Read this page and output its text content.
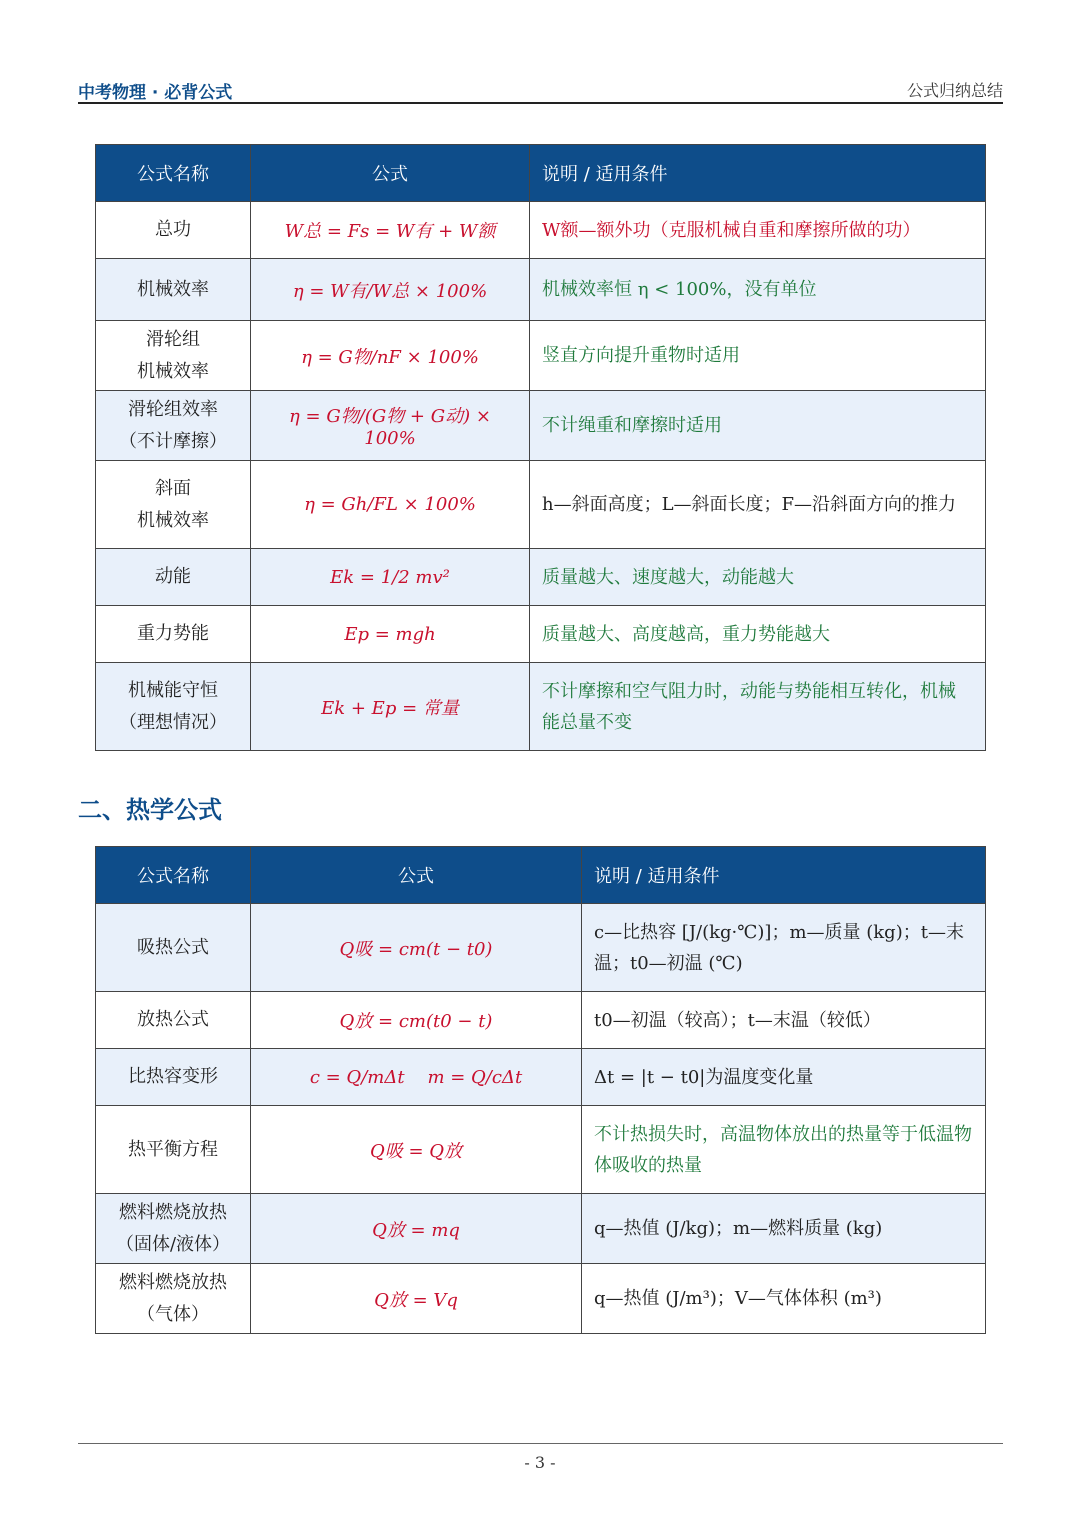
中考物理 · 必背公式	公式归纳总结
公式名称	公式	说明 / 适用条件
总功	W总 = Fs = W有 + W额	W额—额外功（克服机械自重和摩擦所做的功）
机械效率	η = W有/W总 × 100%	机械效率恒 η < 100%，没有单位
滑轮组
机械效率	η = G物/nF × 100%	竖直方向提升重物时适用
滑轮组效率
（不计摩擦）	η = G物/(G物 + G动) × 100%	不计绳重和摩擦时适用
斜面
机械效率	η = Gh/FL × 100%	h—斜面高度；L—斜面长度；F—沿斜面方向的推力
动能	Ek = 1/2 mv²	质量越大、速度越大，动能越大
重力势能	Ep = mgh	质量越大、高度越高，重力势能越大
机械能守恒
（理想情况）	Ek + Ep = 常量	不计摩擦和空气阻力时，动能与势能相互转化，机械能总量不变
二、热学公式
公式名称	公式	说明 / 适用条件
吸热公式	Q吸 = cm(t − t0)	c—比热容 [J/(kg·℃)]；m—质量 (kg)；t—末温；t0—初温 (℃)
放热公式	Q放 = cm(t0 − t)	t0—初温（较高）；t—末温（较低）
比热容变形	c = Q/mΔt    m = Q/cΔt	Δt = |t − t0|为温度变化量
热平衡方程	Q吸 = Q放	不计热损失时，高温物体放出的热量等于低温物体吸收的热量
燃料燃烧放热
（固体/液体）	Q放 = mq	q—热值 (J/kg)；m—燃料质量 (kg)
燃料燃烧放热
（气体）	Q放 = Vq	q—热值 (J/m³)；V—气体体积 (m³)
- 3 -
